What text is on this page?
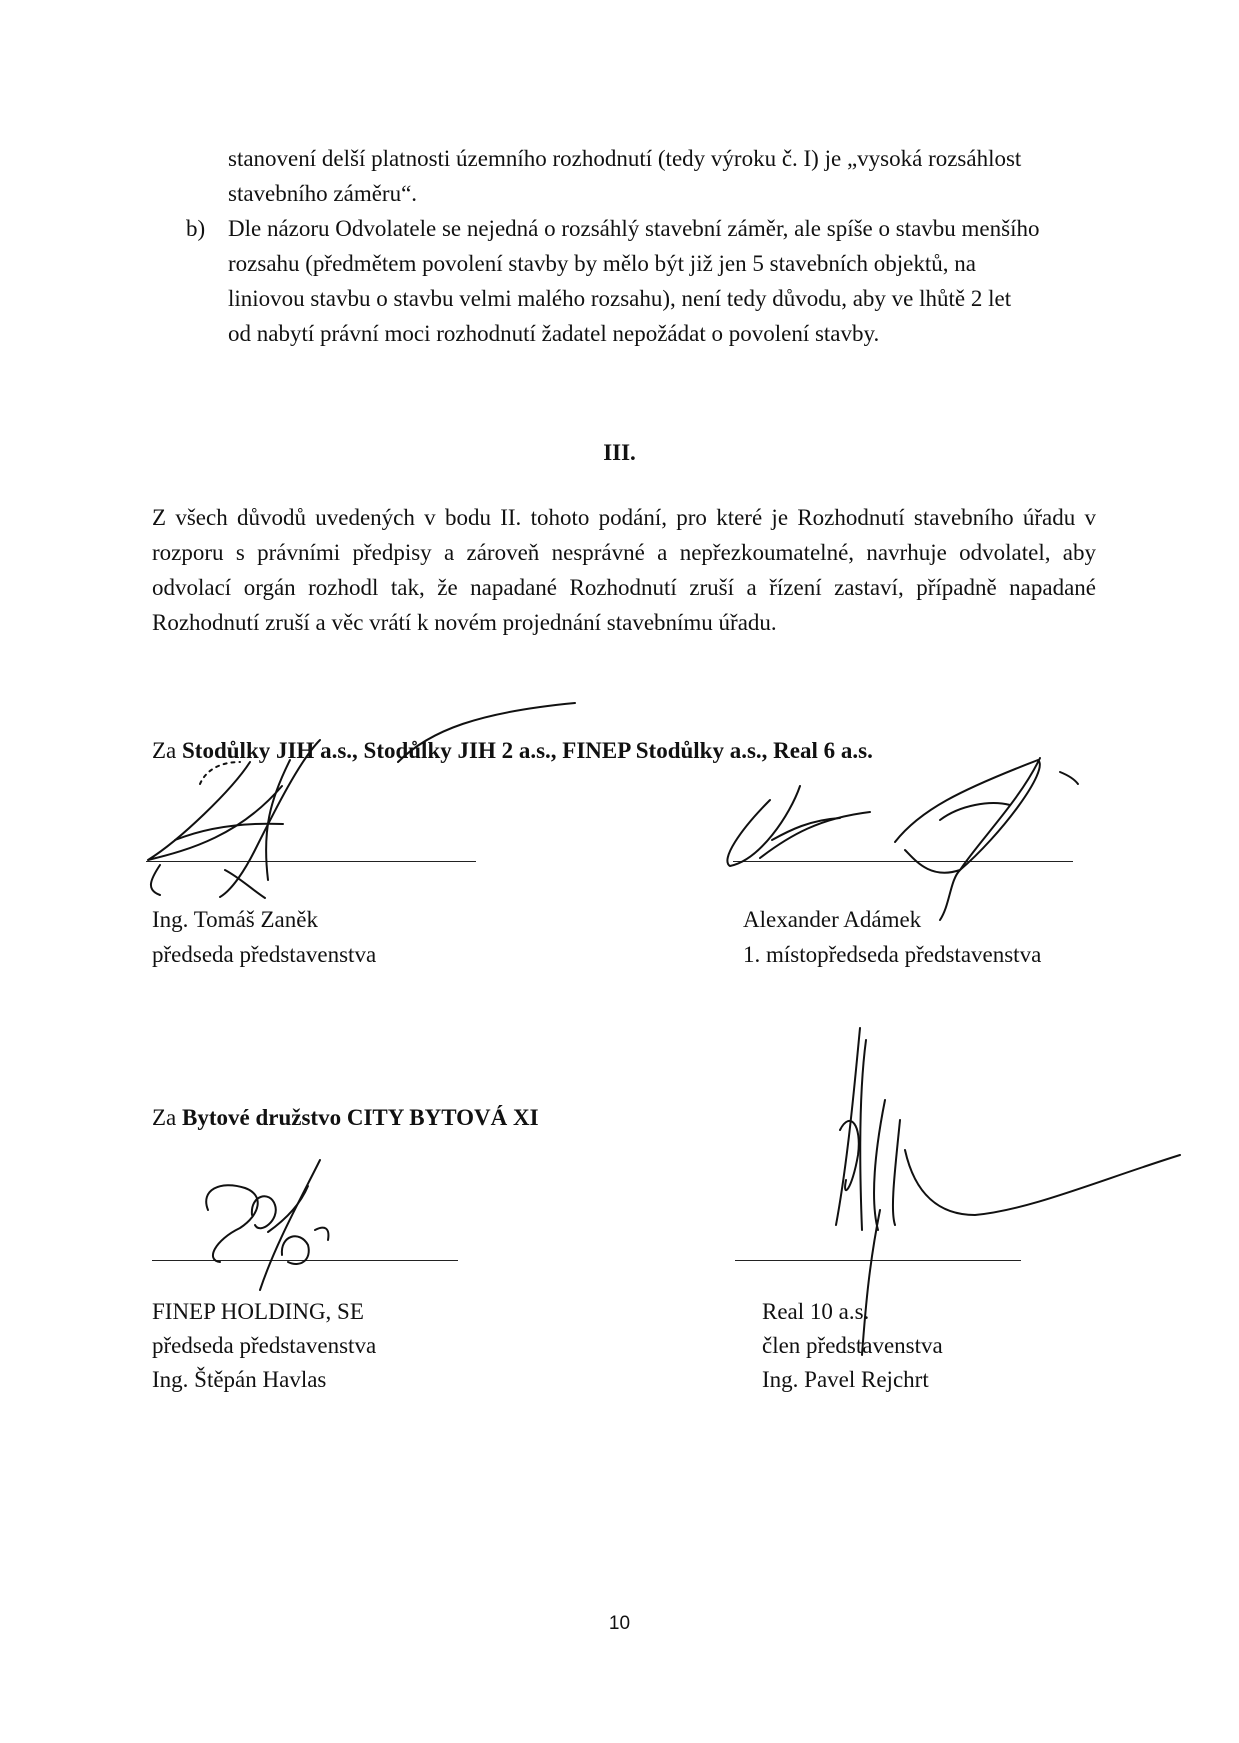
stanovení delší platnosti územního rozhodnutí (tedy výroku č. I) je „vysoká rozsáhlost
stavebního záměru“.
b) Dle názoru Odvolatele se nejedná o rozsáhlý stavební záměr, ale spíše o stavbu menšího
rozsahu (předmětem povolení stavby by mělo být již jen 5 stavebních objektů, na
liniovou stavbu o stavbu velmi malého rozsahu), není tedy důvodu, aby ve lhůtě 2 let
od nabytí právní moci rozhodnutí žadatel nepožádat o povolení stavby.
III.
Z všech důvodů uvedených v bodu II. tohoto podání, pro které je Rozhodnutí stavebního úřadu v rozporu s právními předpisy a zároveň nesprávné a nepřezkoumatelné, navrhuje odvolatel, aby odvolací orgán rozhodl tak, že napadané Rozhodnutí zruší a řízení zastaví, případně napadané Rozhodnutí zruší a věc vrátí k novém projednání stavebnímu úřadu.
Za Stodůlky JIH a.s., Stodůlky JIH 2 a.s., FINEP Stodůlky a.s., Real 6 a.s.
Ing. Tomáš Zaněk
předseda představenstva
Alexander Adámek
1. místopředseda představenstva
Za Bytové družstvo CITY BYTOVÁ XI
FINEP HOLDING, SE
předseda představenstva
Ing. Štěpán Havlas
Real 10 a.s.
člen představenstva
Ing. Pavel Rejchrt
10
